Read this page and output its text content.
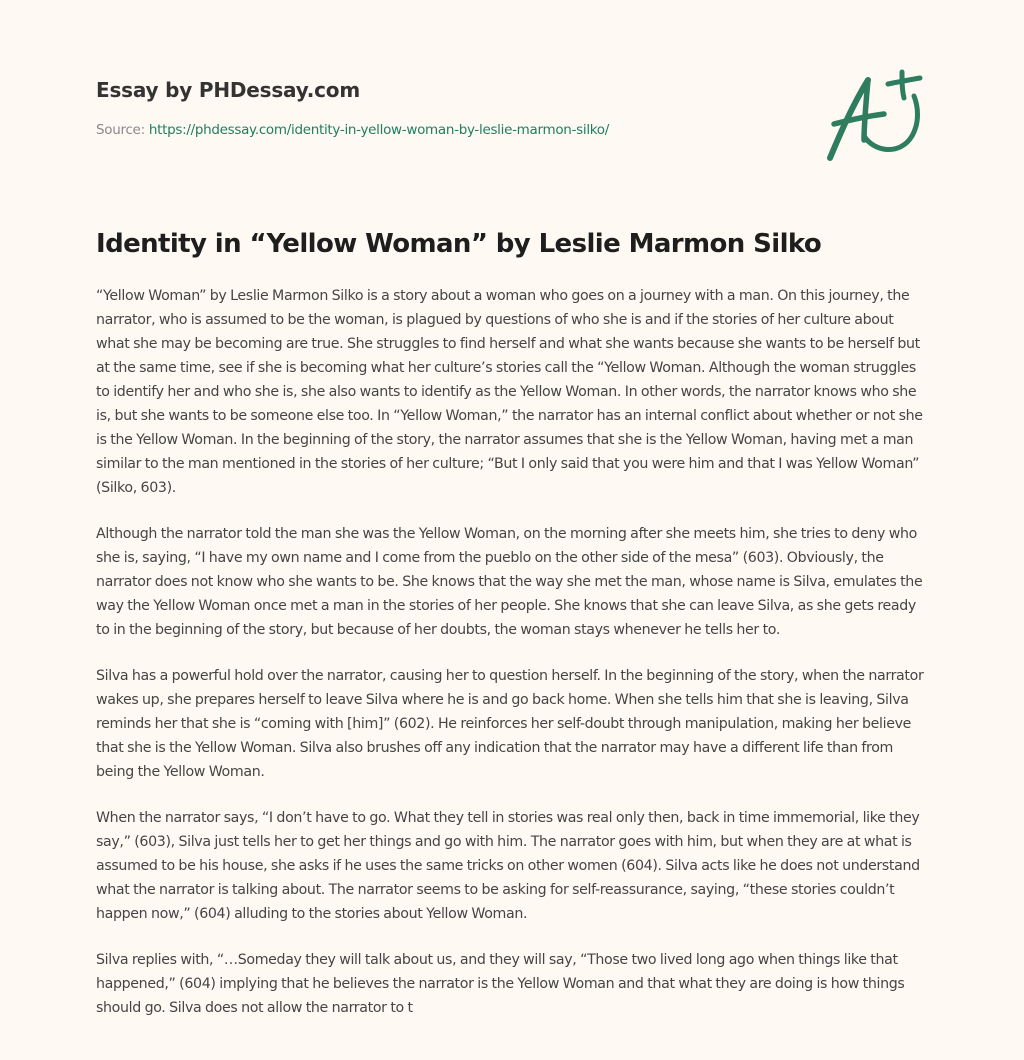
Essay by PHDessay.com
Source: https://phdessay.com/identity-in-yellow-woman-by-leslie-marmon-silko/
Identity in “Yellow Woman” by Leslie Marmon Silko

“Yellow Woman” by Leslie Marmon Silko is a story about a woman who goes on a journey with a man. On this journey, the narrator, who is assumed to be the woman, is plagued by questions of who she is and if the stories of her culture about what she may be becoming are true. She struggles to find herself and what she wants because she wants to be herself but at the same time, see if she is becoming what her culture’s stories call the “Yellow Woman. Although the woman struggles to identify her and who she is, she also wants to identify as the Yellow Woman. In other words, the narrator knows who she is, but she wants to be someone else too. In “Yellow Woman,” the narrator has an internal conflict about whether or not she is the Yellow Woman. In the beginning of the story, the narrator assumes that she is the Yellow Woman, having met a man similar to the man mentioned in the stories of her culture; “But I only said that you were him and that I was Yellow Woman” (Silko, 603).

Although the narrator told the man she was the Yellow Woman, on the morning after she meets him, she tries to deny who she is, saying, “I have my own name and I come from the pueblo on the other side of the mesa” (603). Obviously, the narrator does not know who she wants to be. She knows that the way she met the man, whose name is Silva, emulates the way the Yellow Woman once met a man in the stories of her people. She knows that she can leave Silva, as she gets ready to in the beginning of the story, but because of her doubts, the woman stays whenever he tells her to.

Silva has a powerful hold over the narrator, causing her to question herself. In the beginning of the story, when the narrator wakes up, she prepares herself to leave Silva where he is and go back home. When she tells him that she is leaving, Silva reminds her that she is “coming with [him]” (602). He reinforces her self-doubt through manipulation, making her believe that she is the Yellow Woman. Silva also brushes off any indication that the narrator may have a different life than from being the Yellow Woman.

When the narrator says, “I don’t have to go. What they tell in stories was real only then, back in time immemorial, like they say,” (603), Silva just tells her to get her things and go with him. The narrator goes with him, but when they are at what is assumed to be his house, she asks if he uses the same tricks on other women (604). Silva acts like he does not understand what the narrator is talking about. The narrator seems to be asking for self-reassurance, saying, “these stories couldn’t happen now,” (604) alluding to the stories about Yellow Woman.

Silva replies with, “…Someday they will talk about us, and they will say, “Those two lived long ago when things like that happened,” (604) implying that he believes the narrator is the Yellow Woman and that what they are doing is how things should go. Silva does not allow the narrator to t
